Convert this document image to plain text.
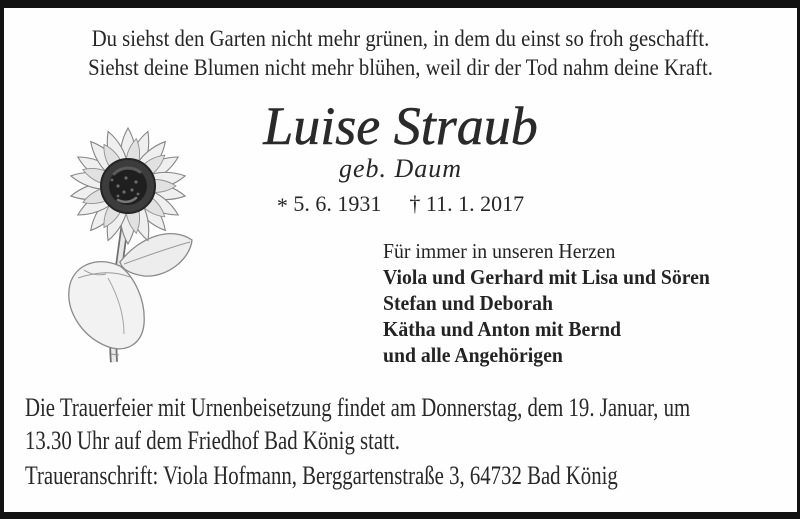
Du siehst den Garten nicht mehr grünen, in dem du einst so froh geschafft.
Siehst deine Blumen nicht mehr blühen, weil dir der Tod nahm deine Kraft.
Luise Straub
geb. Daum
* 5. 6. 1931 † 11. 1. 2017
Für immer in unseren Herzen
Viola und Gerhard mit Lisa und Sören
Stefan und Deborah
Kätha und Anton mit Bernd
und alle Angehörigen
Die Trauerfeier mit Urnenbeisetzung findet am Donnerstag, dem 19. Januar, um
13.30 Uhr auf dem Friedhof Bad König statt.
Traueranschrift: Viola Hofmann, Berggartenstraße 3, 64732 Bad König
